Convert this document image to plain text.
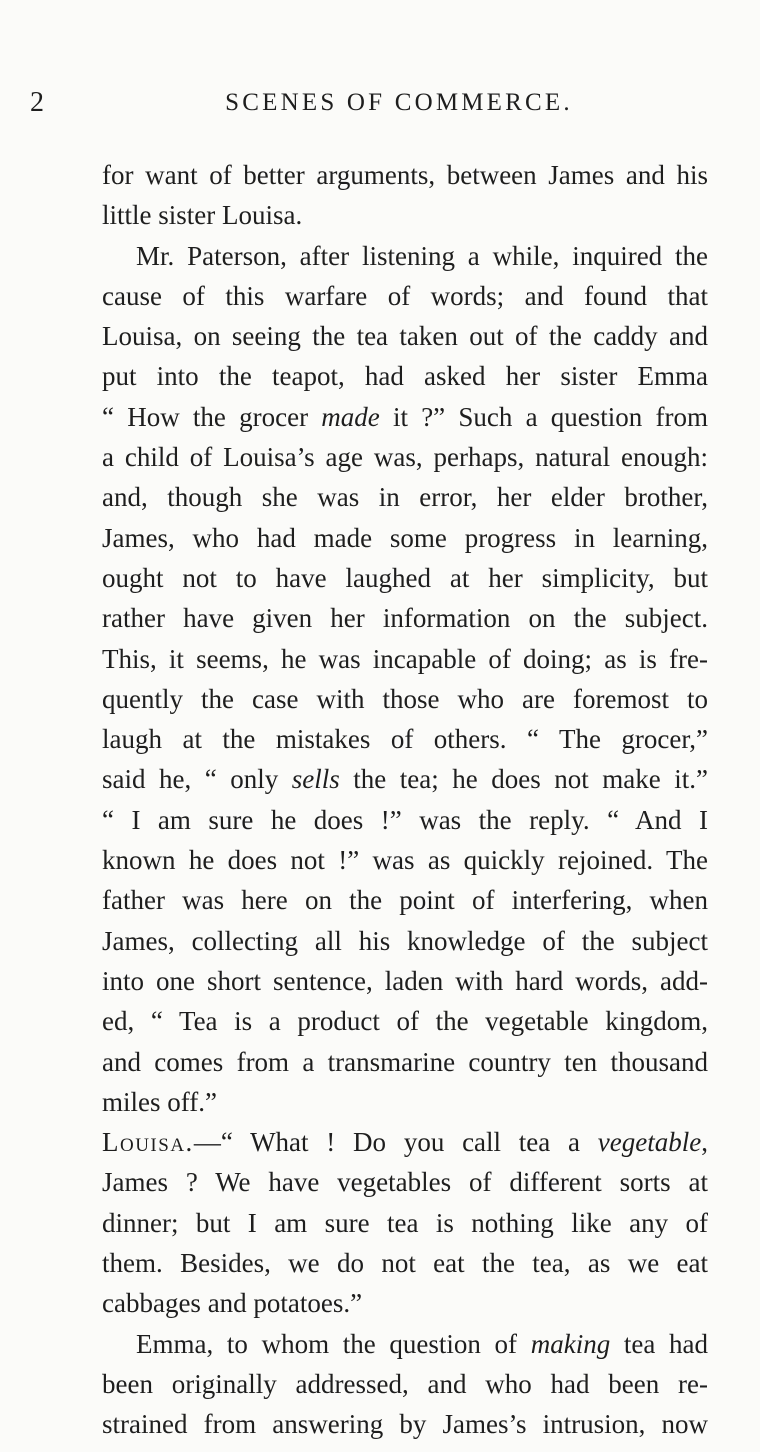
2	SCENES OF COMMERCE.
for want of better arguments, between James and his
little sister Louisa.
Mr. Paterson, after listening a while, inquired the
cause of this warfare of words; and found that
Louisa, on seeing the tea taken out of the caddy and
put into the teapot, had asked her sister Emma
“ How the grocer made it ?” Such a question from
a child of Louisa’s age was, perhaps, natural enough:
and, though she was in error, her elder brother,
James, who had made some progress in learning,
ought not to have laughed at her simplicity, but
rather have given her information on the subject.
This, it seems, he was incapable of doing; as is fre-
quently the case with those who are foremost to
laugh at the mistakes of others. “ The grocer,”
said he, “ only sells the tea; he does not make it.”
“ I am sure he does !” was the reply. “ And I
known he does not !” was as quickly rejoined. The
father was here on the point of interfering, when
James, collecting all his knowledge of the subject
into one short sentence, laden with hard words, add-
ed, “ Tea is a product of the vegetable kingdom,
and comes from a transmarine country ten thousand
miles off.”
Louisa.—“ What ! Do you call tea a vegetable,
James ? We have vegetables of different sorts at
dinner; but I am sure tea is nothing like any of
them. Besides, we do not eat the tea, as we eat
cabbages and potatoes.”
Emma, to whom the question of making tea had
been originally addressed, and who had been re-
strained from answering by James’s intrusion, now
